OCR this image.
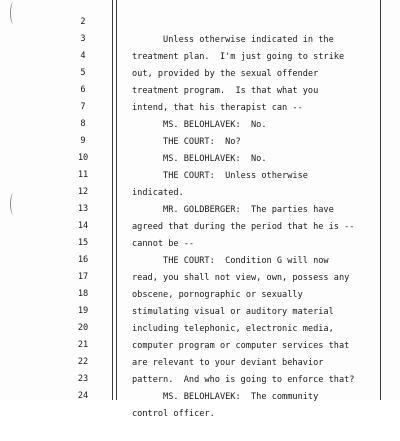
2

Unless otherwise indicated in the

3

treatment plan.  I'm just going to strike

4

out, provided by the sexual offender

5

treatment program.  Is that what you

6

intend, that his therapist can --

7

MS. BELOHLAVEK:  No.

8

THE COURT:  No?

9

MS. BELOHLAVEK:  No.

10

THE COURT:  Unless otherwise

11

indicated.

12

MR. GOLDBERGER:  The parties have

13

agreed that during the period that he is --

14

cannot be --

15

THE COURT:  Condition G will now

16

read, you shall not view, own, possess any

17

obscene, pornographic or sexually

18

stimulating visual or auditory material

19

including telephonic, electronic media,

20

computer program or computer services that

21

are relevant to your deviant behavior

22

pattern.  And who is going to enforce that?

23

MS. BELOHLAVEK:  The community

24

control officer.
